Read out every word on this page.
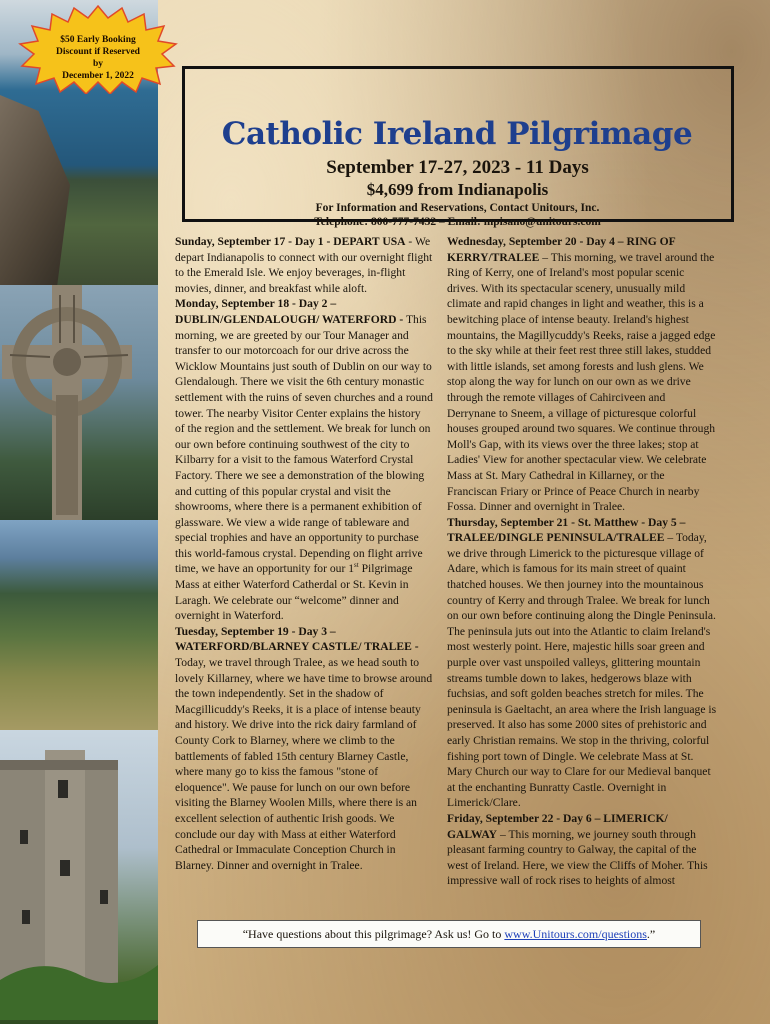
$50 Early Booking
Discount if Reserved
by
December 1, 2022
Catholic Ireland Pilgrimage
September 17-27, 2023 - 11 Days
$4,699 from Indianapolis
For Information and Reservations, Contact Unitours, Inc.
Telephone: 800-777-7432 – Email: mpisano@unitours.com

Sunday, September 17 - Day 1 - DEPART USA - We depart Indianapolis to connect with our overnight flight to the Emerald Isle. We enjoy beverages, in-flight movies, dinner, and breakfast while aloft.

Monday, September 18 - Day 2 – DUBLIN/GLENDALOUGH/ WATERFORD - This morning, we are greeted by our Tour Manager and transfer to our motorcoach for our drive across the Wicklow Mountains just south of Dublin on our way to Glendalough. There we visit the 6th century monastic settlement with the ruins of seven churches and a round tower. The nearby Visitor Center explains the history of the region and the settlement. We break for lunch on our own before continuing southwest of the city to Kilbarry for a visit to the famous Waterford Crystal Factory. There we see a demonstration of the blowing and cutting of this popular crystal and visit the showrooms, where there is a permanent exhibition of glassware. We view a wide range of tableware and special trophies and have an opportunity to purchase this world-famous crystal. Depending on flight arrive time, we have an opportunity for our 1st Pilgrimage Mass at either Waterford Catherdal or St. Kevin in Laragh. We celebrate our “welcome” dinner and overnight in Waterford.

Tuesday, September 19 - Day 3 – WATERFORD/BLARNEY CASTLE/ TRALEE - Today, we travel through Tralee, as we head south to lovely Killarney, where we have time to browse around the town independently. Set in the shadow of Macgillicuddy's Reeks, it is a place of intense beauty and history. We drive into the rick dairy farmland of County Cork to Blarney, where we climb to the battlements of fabled 15th century Blarney Castle, where many go to kiss the famous "stone of eloquence". We pause for lunch on our own before visiting the Blarney Woolen Mills, where there is an excellent selection of authentic Irish goods. We conclude our day with Mass at either Waterford Cathedral or Immaculate Conception Church in Blarney. Dinner and overnight in Tralee.

Wednesday, September 20 - Day 4 – RING OF KERRY/TRALEE – This morning, we travel around the Ring of Kerry, one of Ireland's most popular scenic drives. With its spectacular scenery, unusually mild climate and rapid changes in light and weather, this is a bewitching place of intense beauty. Ireland's highest mountains, the Magillycuddy's Reeks, raise a jagged edge to the sky while at their feet rest three still lakes, studded with little islands, set among forests and lush glens. We stop along the way for lunch on our own as we drive through the remote villages of Cahirciveen and Derrynane to Sneem, a village of picturesque colorful houses grouped around two squares. We continue through Moll's Gap, with its views over the three lakes; stop at Ladies' View for another spectacular view. We celebrate Mass at St. Mary Cathedral in Killarney, or the Franciscan Friary or Prince of Peace Church in nearby Fossa. Dinner and overnight in Tralee.

Thursday, September 21 - St. Matthew - Day 5 – TRALEE/DINGLE PENINSULA/TRALEE – Today, we drive through Limerick to the picturesque village of Adare, which is famous for its main street of quaint thatched houses. We then journey into the mountainous country of Kerry and through Tralee. We break for lunch on our own before continuing along the Dingle Peninsula. The peninsula juts out into the Atlantic to claim Ireland's most westerly point. Here, majestic hills soar green and purple over vast unspoiled valleys, glittering mountain streams tumble down to lakes, hedgerows blaze with fuchsias, and soft golden beaches stretch for miles. The peninsula is Gaeltacht, an area where the Irish language is preserved. It also has some 2000 sites of prehistoric and early Christian remains. We stop in the thriving, colorful fishing port town of Dingle. We celebrate Mass at St. Mary Church our way to Clare for our Medieval banquet at the enchanting Bunratty Castle. Overnight in Limerick/Clare.

Friday, September 22 - Day 6 – LIMERICK/ GALWAY – This morning, we journey south through pleasant farming country to Galway, the capital of the west of Ireland. Here, we view the Cliffs of Moher. This impressive wall of rock rises to heights of almost

“Have questions about this pilgrimage? Ask us! Go to www.Unitours.com/questions.”
